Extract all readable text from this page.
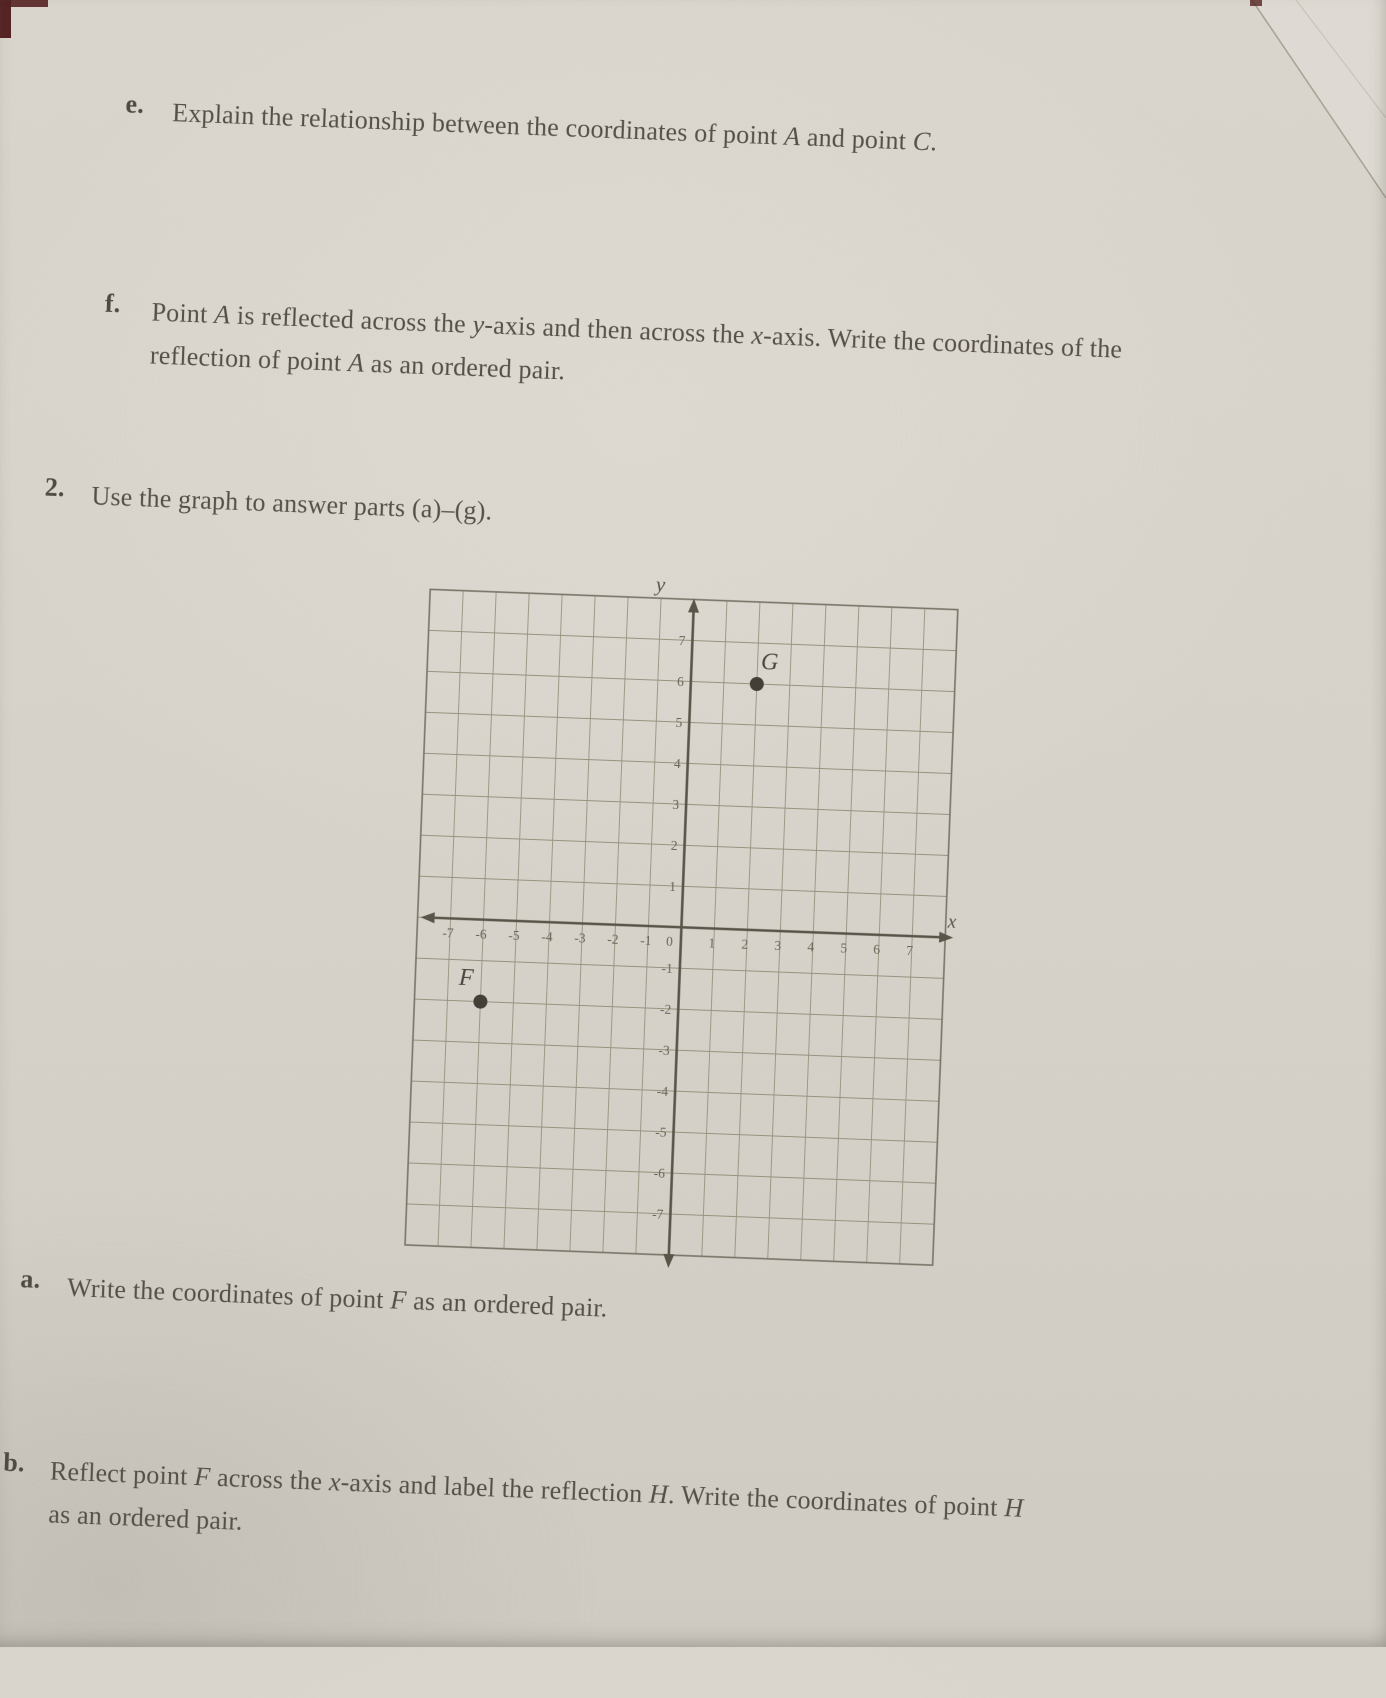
e.	Explain the relationship between the coordinates of point A and point C.

f.	Point A is reflected across the y-axis and then across the x-axis. Write the coordinates of the
reflection of point A as an ordered pair.

2. Use the graph to answer parts (a)–(g).

-7 -6 -5 -4 -3 -2 -1	1 2 3 4 5 6 7
7
6
5
4
3
2
1
-1
-2
-3
-4
-5
-6
-7
0
y
x
F
G
a. Write the coordinates of point F as an ordered pair.

b. Reflect point F across the x-axis and label the reflection H. Write the coordinates of point H
as an ordered pair.
